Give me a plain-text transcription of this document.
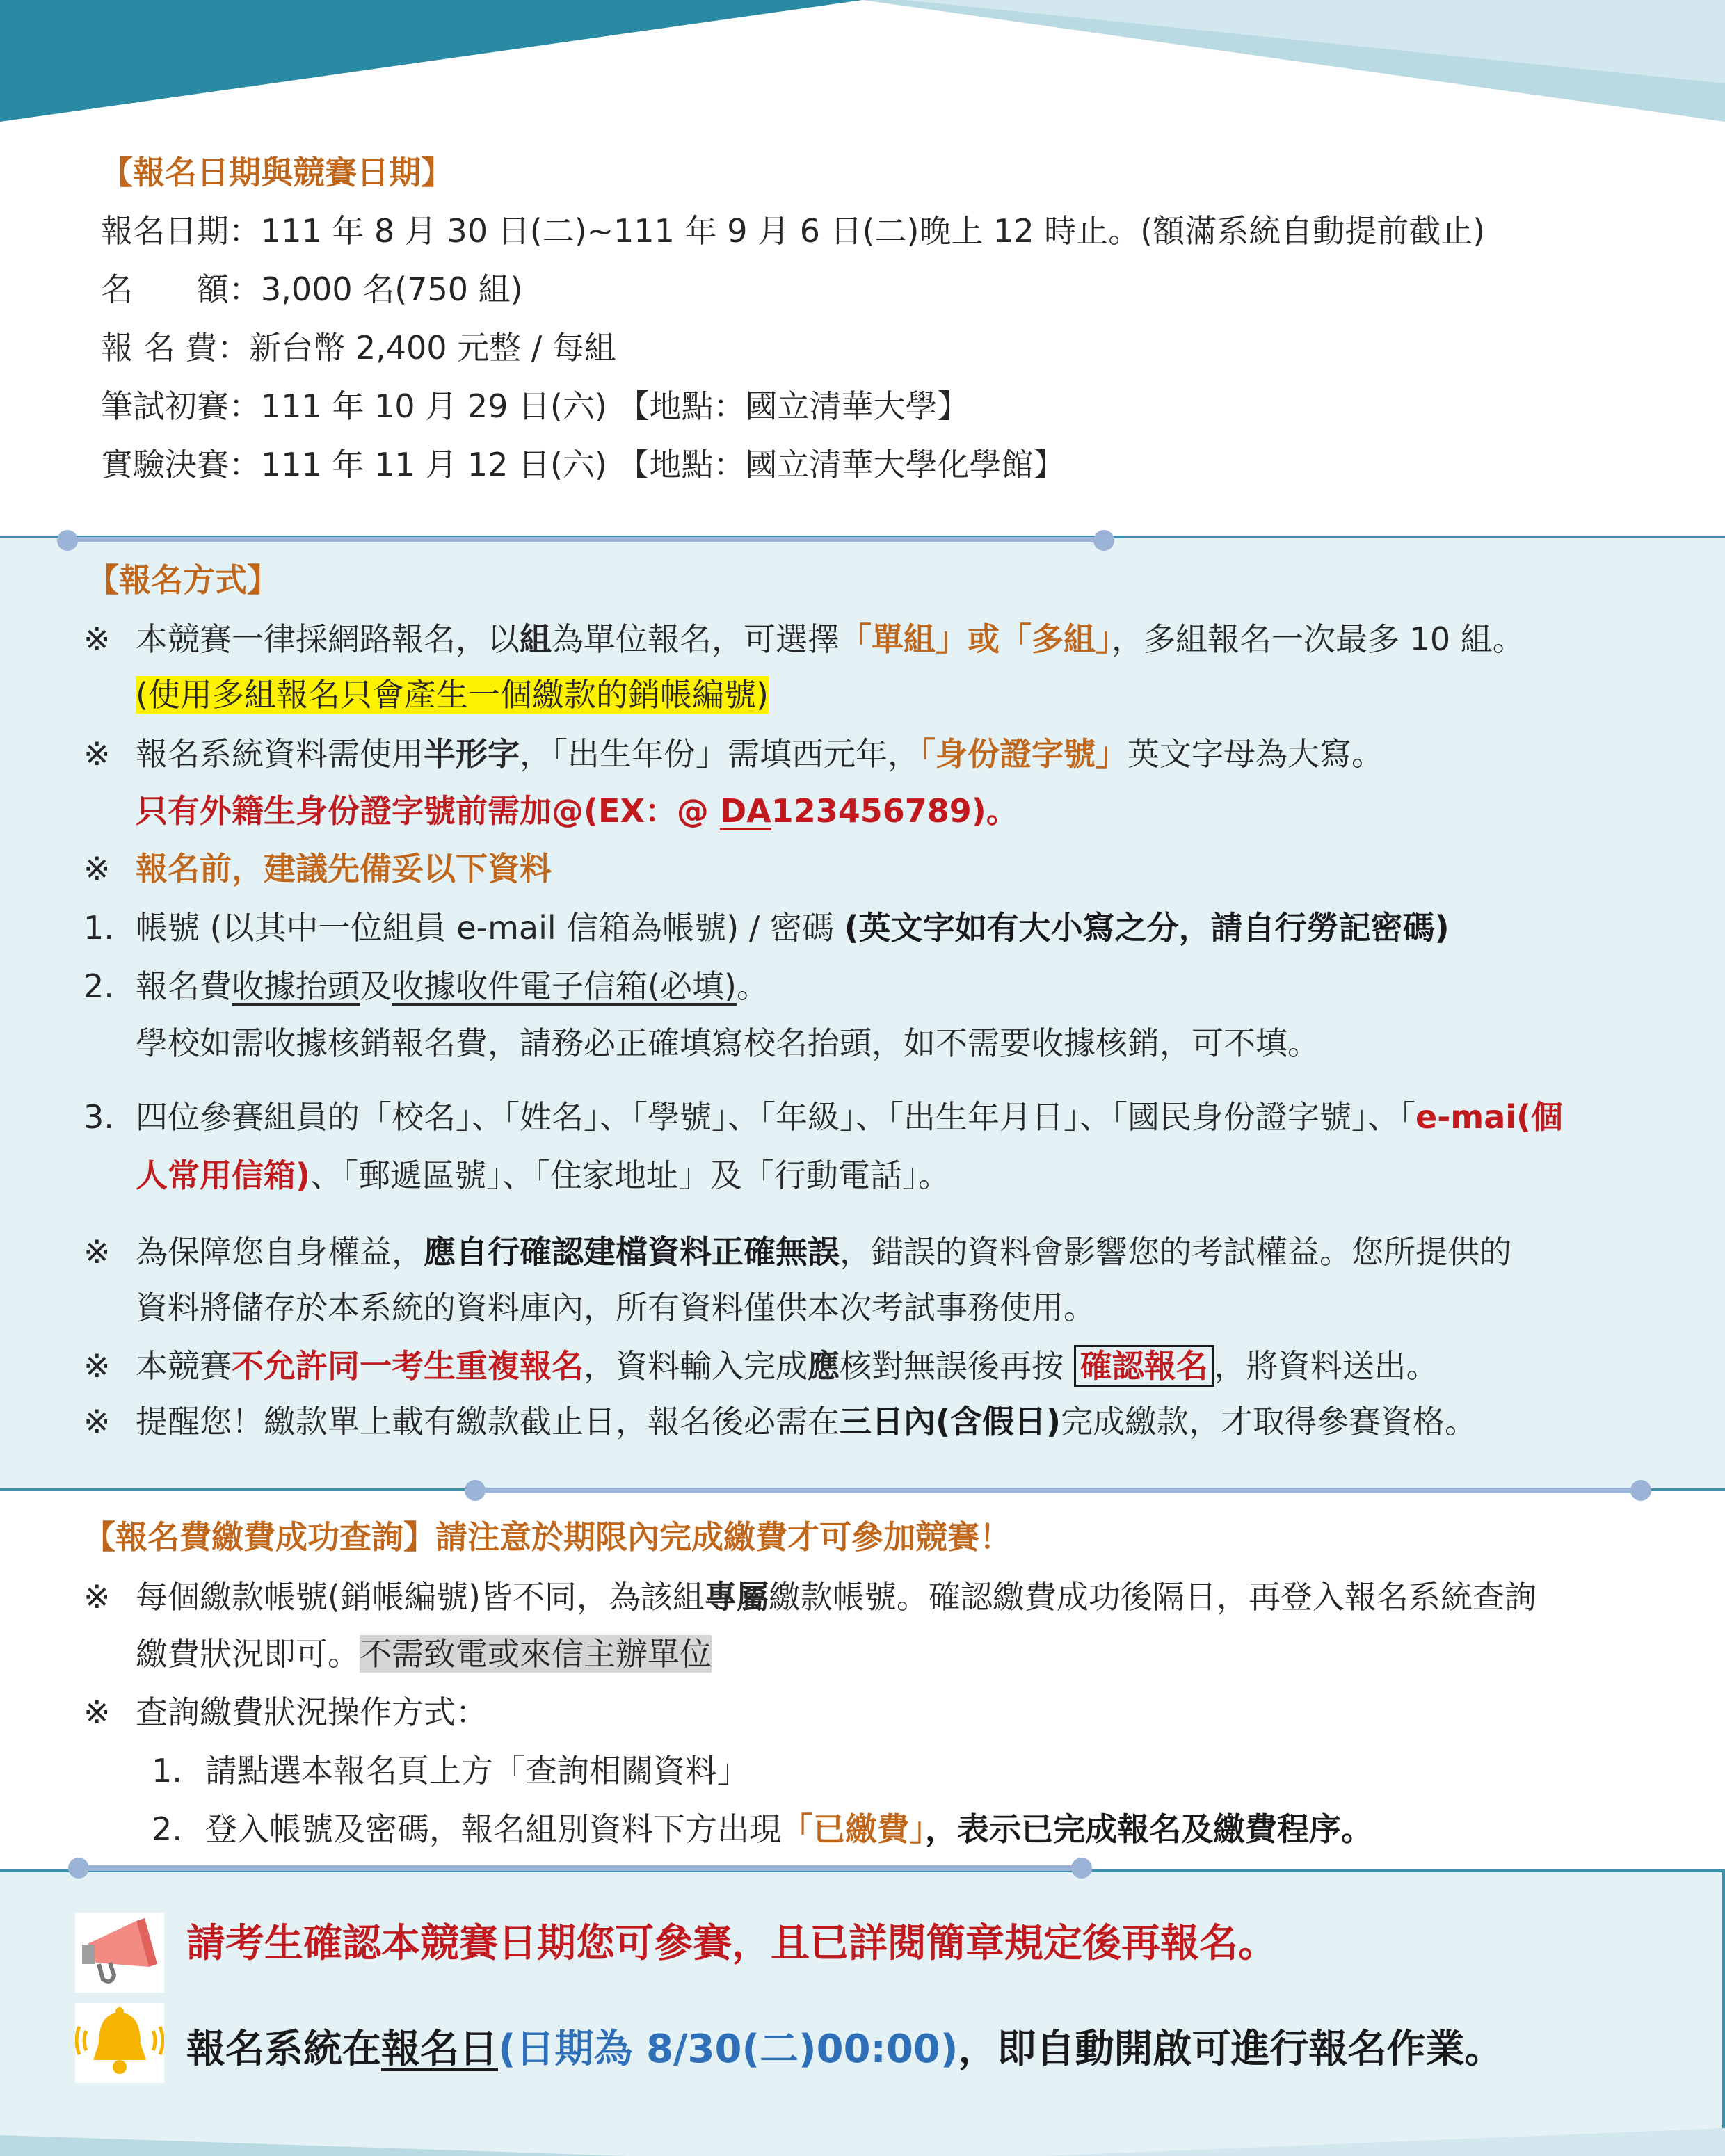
【報名日期與競賽日期】
報名日期：111 年 8 月 30 日(二)~111 年 9 月 6 日(二)晚上 12 時止。(額滿系統自動提前截止)
名　　額：3,000 名(750 組)
報 名 費：新台幣 2,400 元整 / 每組
筆試初賽：111 年 10 月 29 日(六) 【地點：國立清華大學】
實驗決賽：111 年 11 月 12 日(六) 【地點：國立清華大學化學館】
【報名方式】
※ 本競賽一律採網路報名，以組為單位報名，可選擇「單組」或「多組」，多組報名一次最多 10 組。
(使用多組報名只會產生一個繳款的銷帳編號)
※ 報名系統資料需使用半形字，「出生年份」需填西元年，「身份證字號」英文字母為大寫。
只有外籍生身份證字號前需加@(EX：@ DA123456789)。
※ 報名前，建議先備妥以下資料
1. 帳號 (以其中一位組員 e-mail 信箱為帳號) / 密碼 (英文字如有大小寫之分，請自行勞記密碼)
2. 報名費收據抬頭及收據收件電子信箱(必填)。
學校如需收據核銷報名費，請務必正確填寫校名抬頭，如不需要收據核銷，可不填。
3. 四位參賽組員的「校名」、「姓名」、「學號」、「年級」、「出生年月日」、「國民身份證字號」、「e-mai(個
人常用信箱)、「郵遞區號」、「住家地址」及「行動電話」。
※ 為保障您自身權益，應自行確認建檔資料正確無誤，錯誤的資料會影響您的考試權益。您所提供的
資料將儲存於本系統的資料庫內，所有資料僅供本次考試事務使用。
※ 本競賽不允許同一考生重複報名，資料輸入完成應核對無誤後再按 確認報名 ，將資料送出。
※ 提醒您！繳款單上載有繳款截止日，報名後必需在三日內(含假日)完成繳款，才取得參賽資格。
【報名費繳費成功查詢】請注意於期限內完成繳費才可參加競賽！
※ 每個繳款帳號(銷帳編號)皆不同，為該組專屬繳款帳號。確認繳費成功後隔日，再登入報名系統查詢
繳費狀況即可。不需致電或來信主辦單位
※ 查詢繳費狀況操作方式：
1. 請點選本報名頁上方「查詢相關資料」
2. 登入帳號及密碼，報名組別資料下方出現「已繳費」，表示已完成報名及繳費程序。
請考生確認本競賽日期您可參賽，且已詳閱簡章規定後再報名。
報名系統在報名日(日期為 8/30(二)00:00)，即自動開啟可進行報名作業。
